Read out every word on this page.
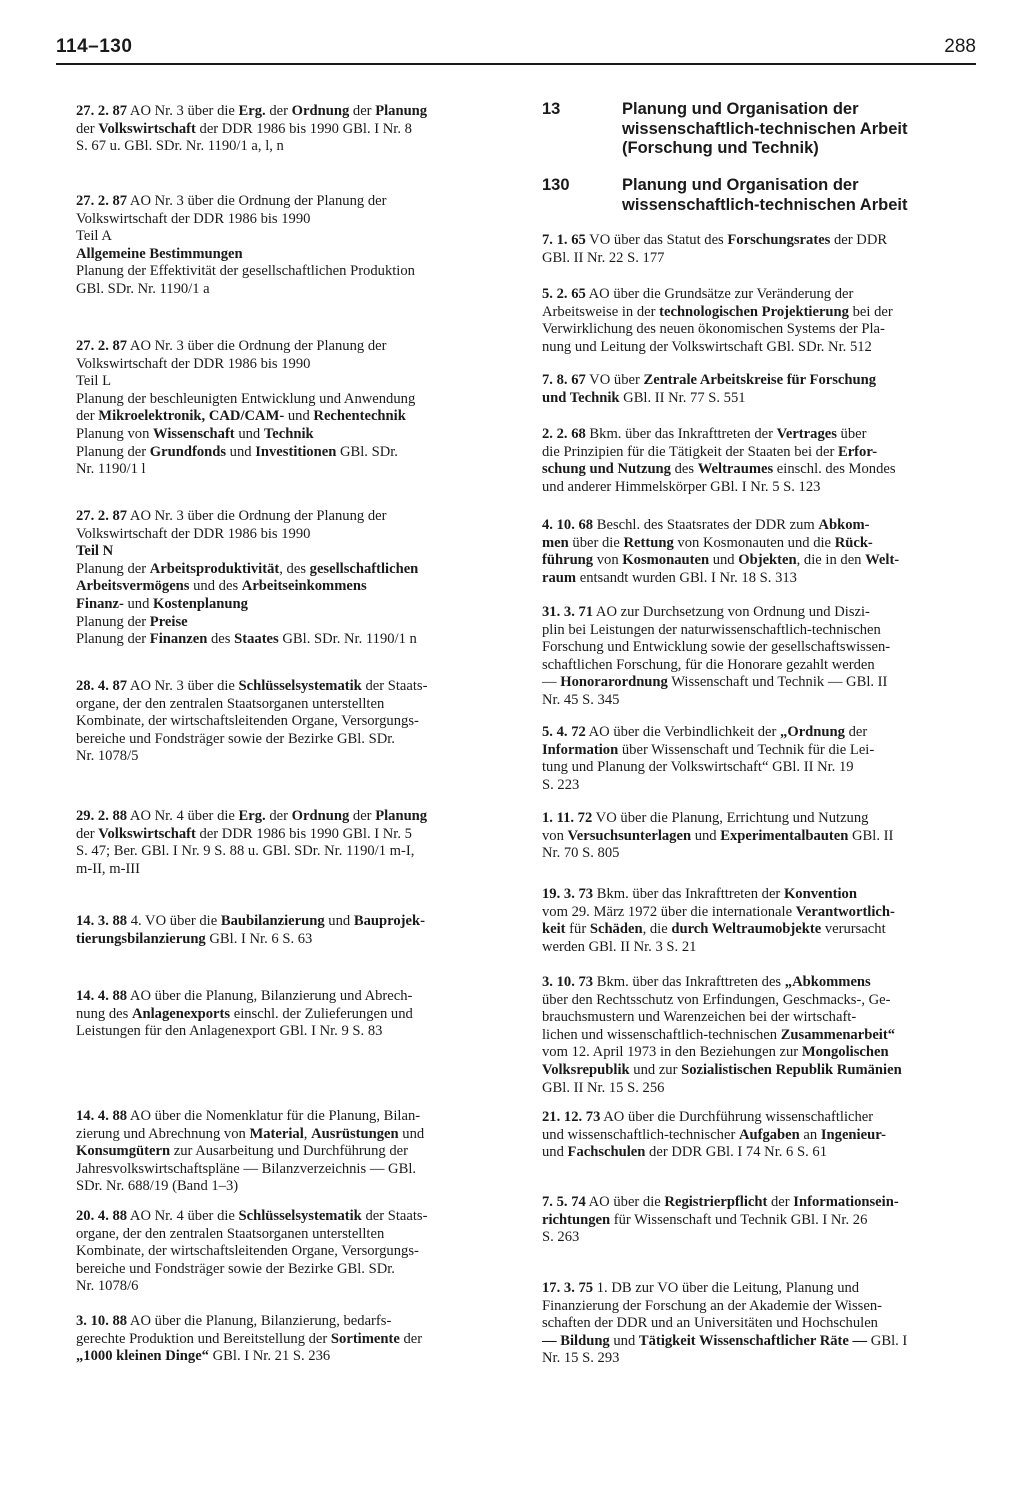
114–130	288
13	Planung und Organisation der
wissenschaftlich-technischen Arbeit
(Forschung und Technik)
130	Planung und Organisation der
wissenschaftlich-technischen Arbeit
27. 2. 87 AO Nr. 3 über die Erg. der Ordnung der Planung
der Volkswirtschaft der DDR 1986 bis 1990 GBl. I Nr. 8
S. 67 u. GBl. SDr. Nr. 1190/1 a, l, n
27. 2. 87 AO Nr. 3 über die Ordnung der Planung der
Volkswirtschaft der DDR 1986 bis 1990
Teil A
Allgemeine Bestimmungen
Planung der Effektivität der gesellschaftlichen Produktion
GBl. SDr. Nr. 1190/1 a
27. 2. 87 AO Nr. 3 über die Ordnung der Planung der
Volkswirtschaft der DDR 1986 bis 1990
Teil L
Planung der beschleunigten Entwicklung und Anwendung
der Mikroelektronik, CAD/CAM- und Rechentechnik
Planung von Wissenschaft und Technik
Planung der Grundfonds und Investitionen GBl. SDr.
Nr. 1190/1 l
27. 2. 87 AO Nr. 3 über die Ordnung der Planung der
Volkswirtschaft der DDR 1986 bis 1990
Teil N
Planung der Arbeitsproduktivität, des gesellschaftlichen
Arbeitsvermögens und des Arbeitseinkommens
Finanz- und Kostenplanung
Planung der Preise
Planung der Finanzen des Staates GBl. SDr. Nr. 1190/1 n
28. 4. 87 AO Nr. 3 über die Schlüsselsystematik der Staats-
organe, der den zentralen Staatsorganen unterstellten
Kombinate, der wirtschaftsleitenden Organe, Versorgungs-
bereiche und Fondsträger sowie der Bezirke GBl. SDr.
Nr. 1078/5
29. 2. 88 AO Nr. 4 über die Erg. der Ordnung der Planung
der Volkswirtschaft der DDR 1986 bis 1990 GBl. I Nr. 5
S. 47; Ber. GBl. I Nr. 9 S. 88 u. GBl. SDr. Nr. 1190/1 m-I,
m-II, m-III
14. 3. 88 4. VO über die Baubilanzierung und Bauprojek-
tierungsbilanzierung GBl. I Nr. 6 S. 63
14. 4. 88 AO über die Planung, Bilanzierung und Abrech-
nung des Anlagenexports einschl. der Zulieferungen und
Leistungen für den Anlagenexport GBl. I Nr. 9 S. 83
14. 4. 88 AO über die Nomenklatur für die Planung, Bilan-
zierung und Abrechnung von Material, Ausrüstungen und
Konsumgütern zur Ausarbeitung und Durchführung der
Jahresvolkswirtschaftspläne — Bilanzverzeichnis — GBl.
SDr. Nr. 688/19 (Band 1–3)
20. 4. 88 AO Nr. 4 über die Schlüsselsystematik der Staats-
organe, der den zentralen Staatsorganen unterstellten
Kombinate, der wirtschaftsleitenden Organe, Versorgungs-
bereiche und Fondsträger sowie der Bezirke GBl. SDr.
Nr. 1078/6
3. 10. 88 AO über die Planung, Bilanzierung, bedarfs-
gerechte Produktion und Bereitstellung der Sortimente der
„1000 kleinen Dinge“ GBl. I Nr. 21 S. 236
7. 1. 65 VO über das Statut des Forschungsrates der DDR
GBl. II Nr. 22 S. 177
5. 2. 65 AO über die Grundsätze zur Veränderung der
Arbeitsweise in der technologischen Projektierung bei der
Verwirklichung des neuen ökonomischen Systems der Pla-
nung und Leitung der Volkswirtschaft GBl. SDr. Nr. 512
7. 8. 67 VO über Zentrale Arbeitskreise für Forschung
und Technik GBl. II Nr. 77 S. 551
2. 2. 68 Bkm. über das Inkrafttreten der Vertrages über
die Prinzipien für die Tätigkeit der Staaten bei der Erfor-
schung und Nutzung des Weltraumes einschl. des Mondes
und anderer Himmelskörper GBl. I Nr. 5 S. 123
4. 10. 68 Beschl. des Staatsrates der DDR zum Abkom-
men über die Rettung von Kosmonauten und die Rück-
führung von Kosmonauten und Objekten, die in den Welt-
raum entsandt wurden GBl. I Nr. 18 S. 313
31. 3. 71 AO zur Durchsetzung von Ordnung und Diszi-
plin bei Leistungen der naturwissenschaftlich-technischen
Forschung und Entwicklung sowie der gesellschaftswissen-
schaftlichen Forschung, für die Honorare gezahlt werden
— Honorarordnung Wissenschaft und Technik — GBl. II
Nr. 45 S. 345
5. 4. 72 AO über die Verbindlichkeit der „Ordnung der
Information über Wissenschaft und Technik für die Lei-
tung und Planung der Volkswirtschaft“ GBl. II Nr. 19
S. 223
1. 11. 72 VO über die Planung, Errichtung und Nutzung
von Versuchsunterlagen und Experimentalbauten GBl. II
Nr. 70 S. 805
19. 3. 73 Bkm. über das Inkrafttreten der Konvention
vom 29. März 1972 über die internationale Verantwortlich-
keit für Schäden, die durch Weltraumobjekte verursacht
werden GBl. II Nr. 3 S. 21
3. 10. 73 Bkm. über das Inkrafttreten des „Abkommens
über den Rechtsschutz von Erfindungen, Geschmacks-, Ge-
brauchsmustern und Warenzeichen bei der wirtschaft-
lichen und wissenschaftlich-technischen Zusammenarbeit“
vom 12. April 1973 in den Beziehungen zur Mongolischen
Volksrepublik und zur Sozialistischen Republik Rumänien
GBl. II Nr. 15 S. 256
21. 12. 73 AO über die Durchführung wissenschaftlicher
und wissenschaftlich-technischer Aufgaben an Ingenieur-
und Fachschulen der DDR GBl. I 74 Nr. 6 S. 61
7. 5. 74 AO über die Registrierpflicht der Informationsein-
richtungen für Wissenschaft und Technik GBl. I Nr. 26
S. 263
17. 3. 75 1. DB zur VO über die Leitung, Planung und
Finanzierung der Forschung an der Akademie der Wissen-
schaften der DDR und an Universitäten und Hochschulen
— Bildung und Tätigkeit Wissenschaftlicher Räte — GBl. I
Nr. 15 S. 293
